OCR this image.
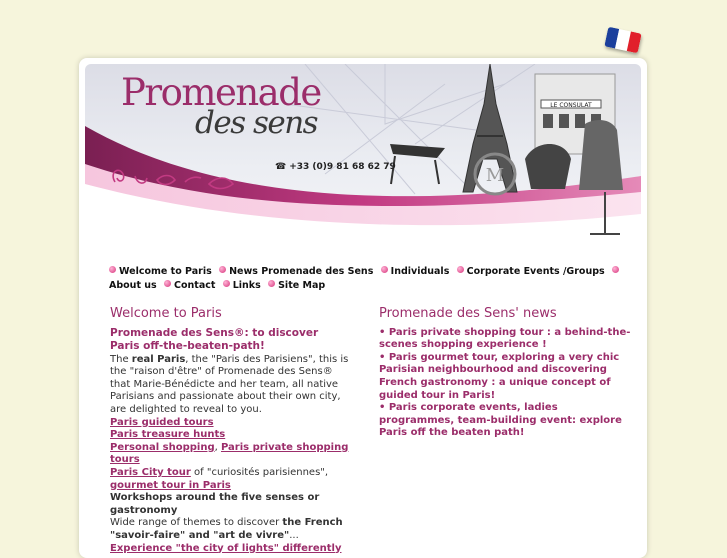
LE CONSULAT
M
Promenade
des sens
☎ +33 (0)9 81 68 62 79
Welcome to Paris News Promenade des Sens Individuals Corporate Events /Groups
About us Contact Links Site Map
Welcome to Paris
Promenade des Sens®: to discover Paris off-the-beaten-path!
The real Paris, the "Paris des Parisiens", this is the "raison d'être" of Promenade des Sens® that Marie-Bénédicte and her team, all native Parisians and passionate about their own city, are delighted to reveal to you.
Paris guided tours
Paris treasure hunts
Personal shopping, Paris private shopping tours
Paris City tour of "curiosités parisiennes",
gourmet tour in Paris
Workshops around the five senses or gastronomy
Wide range of themes to discover the French "savoir-faire" and "art de vivre"...
Experience "the city of lights" differently
Promenade des Sens' news
• Paris private shopping tour : a behind-the-scenes shopping experience !
• Paris gourmet tour, exploring a very chic Parisian neighbourhood and discovering French gastronomy : a unique concept of guided tour in Paris!
• Paris corporate events, ladies programmes, team-building event: explore Paris off the beaten path!
